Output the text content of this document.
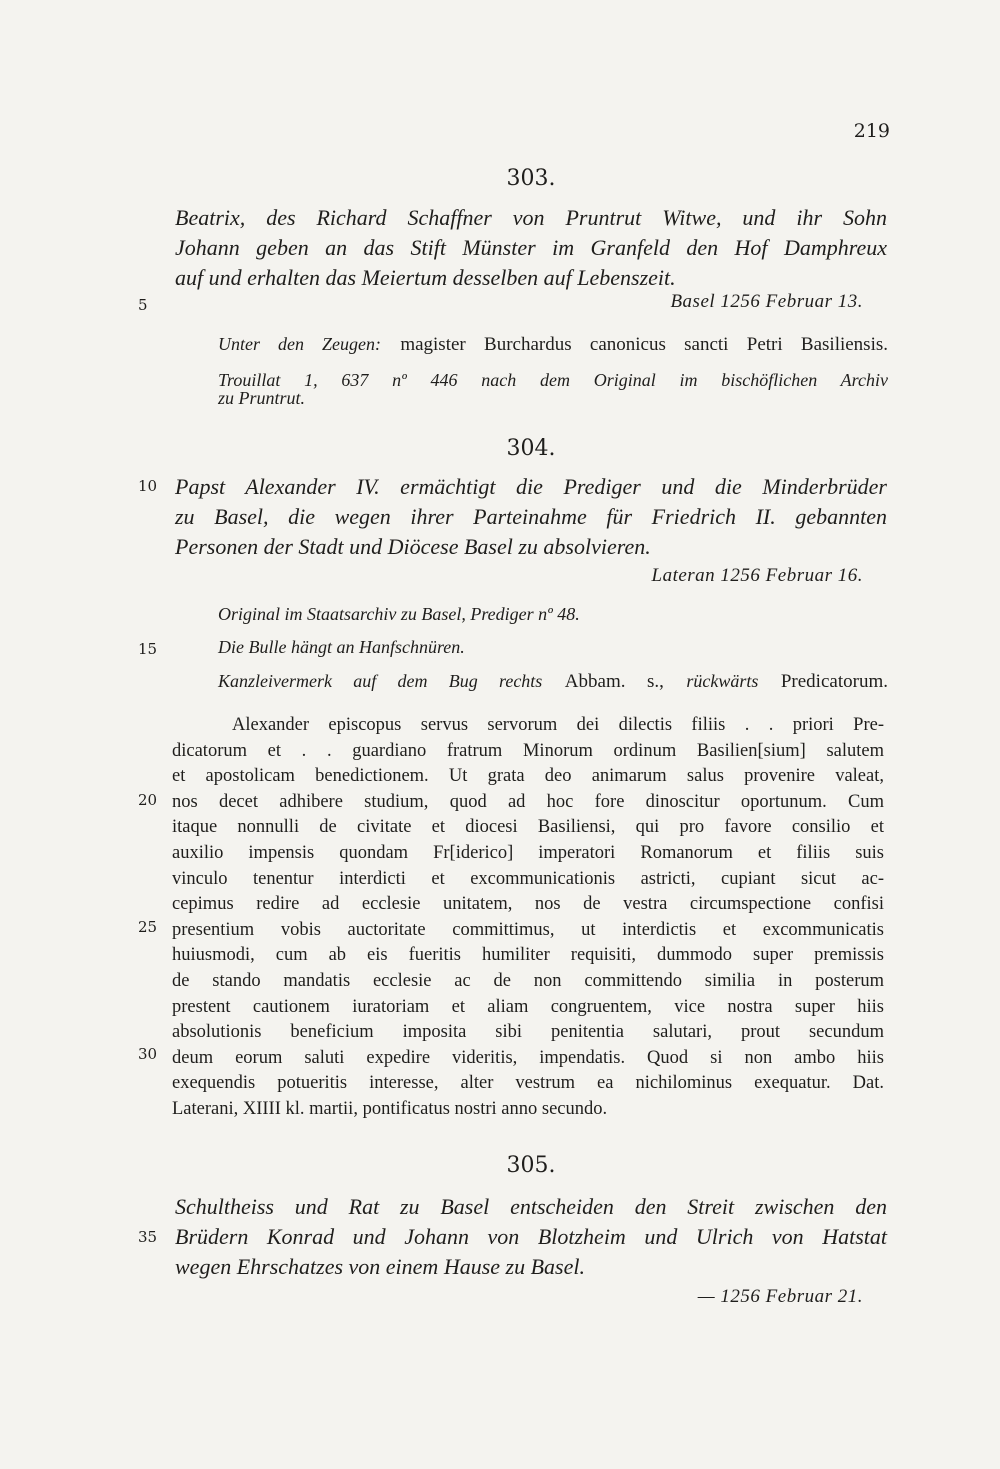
219
303.
Beatrix, des Richard Schaffner von Pruntrut Witwe, und ihr Sohn
Johann geben an das Stift Münster im Granfeld den Hof Damphreux
auf und erhalten das Meiertum desselben auf Lebenszeit.
Basel 1256 Februar 13.
5
Unter den Zeugen: magister Burchardus canonicus sancti Petri Basiliensis.
Trouillat 1, 637 nº 446 nach dem Original im bischöflichen Archiv
zu Pruntrut.
304.
10 Papst Alexander IV. ermächtigt die Prediger und die Minderbrüder
zu Basel, die wegen ihrer Parteinahme für Friedrich II. gebannten
Personen der Stadt und Diöcese Basel zu absolvieren.
Lateran 1256 Februar 16.
Original im Staatsarchiv zu Basel, Prediger nº 48.
15	Die Bulle hängt an Hanfschnüren.
Kanzleivermerk auf dem Bug rechts Abbam. s., rückwärts Predicatorum.
Alexander episcopus servus servorum dei dilectis filiis . . priori Pre-
dicatorum et . . guardiano fratrum Minorum ordinum Basilien[sium] salutem
et apostolicam benedictionem. Ut grata deo animarum salus provenire valeat,
nos decet adhibere studium, quod ad hoc fore dinoscitur oportunum. Cum
itaque nonnulli de civitate et diocesi Basiliensi, qui pro favore consilio et
auxilio impensis quondam Fr[iderico] imperatori Romanorum et filiis suis
vinculo tenentur interdicti et excommunicationis astricti, cupiant sicut ac-
cepimus redire ad ecclesie unitatem, nos de vestra circumspectione confisi
presentium vobis auctoritate committimus, ut interdictis et excommunicatis
huiusmodi, cum ab eis fueritis humiliter requisiti, dummodo super premissis
de stando mandatis ecclesie ac de non committendo similia in posterum
prestent cautionem iuratoriam et aliam congruentem, vice nostra super hiis
absolutionis beneficium imposita sibi penitentia salutari, prout secundum
deum eorum saluti expedire videritis, impendatis. Quod si non ambo hiis
exequendis potueritis interesse, alter vestrum ea nichilominus exequatur. Dat.
Laterani, XIIII kl. martii, pontificatus nostri anno secundo.
20
25
30
305.
Schultheiss und Rat zu Basel entscheiden den Streit zwischen den
Brüdern Konrad und Johann von Blotzheim und Ulrich von Hatstat
wegen Ehrschatzes von einem Hause zu Basel.
35
— 1256 Februar 21.
